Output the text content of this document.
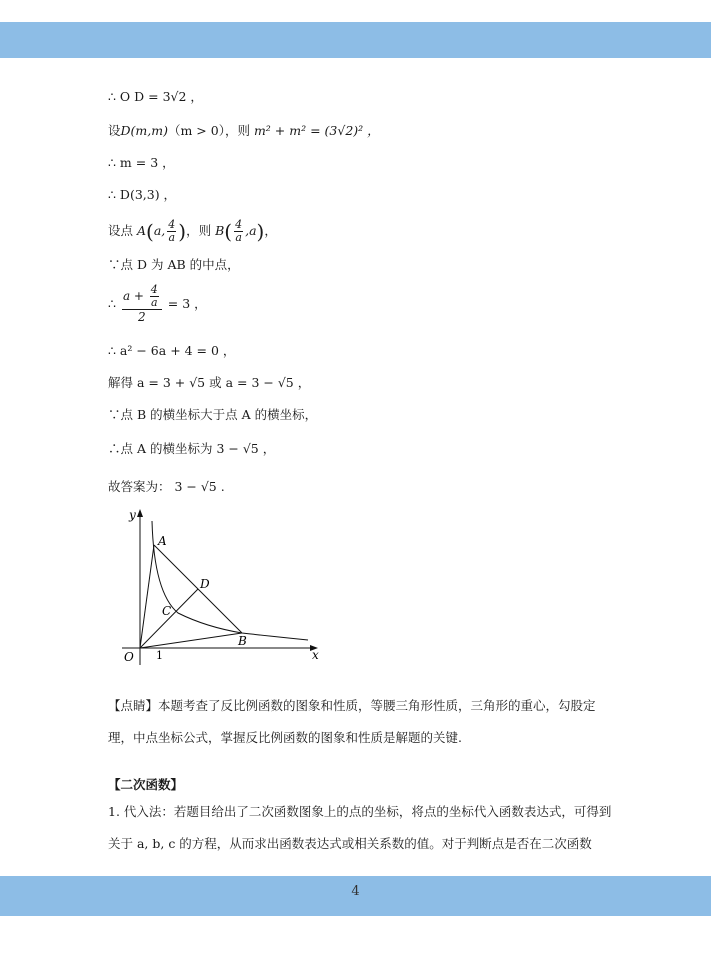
∴ O D = 3√2 ，
设D(m,m)（m > 0），则 m² + m² = (3√2)² ，
∴ m = 3 ，
∴ D(3,3) ，
设点 A(a, $\frac{4}{a}$ )，则 $B( \frac{4}{a} ,a)$，
∵点 D 为 AB 的中点，
∴ $\frac{a + \frac{4}{a}}{2} = 3$ ，
∴ a² − 6a + 4 = 0 ，
解得 a = 3 + √5 或 a = 3 − √5 ，
∵点 B 的横坐标大于点 A 的横坐标，
∴点 A 的横坐标为 3 − √5 ，
故答案为： 3 − √5 .
y
x
O 1
A
B
C
D
【点睛】本题考查了反比例函数的图象和性质，等腰三角形性质，三角形的重心，勾股定理，中点坐标公式，掌握反比例函数的图象和性质是解题的关键.
【二次函数】
1. 代入法：若题目给出了二次函数图象上的点的坐标，将点的坐标代入函数表达式，可得到关于 a, b, c 的方程，从而求出函数表达式或相关系数的值。对于判断点是否在二次函数
4
